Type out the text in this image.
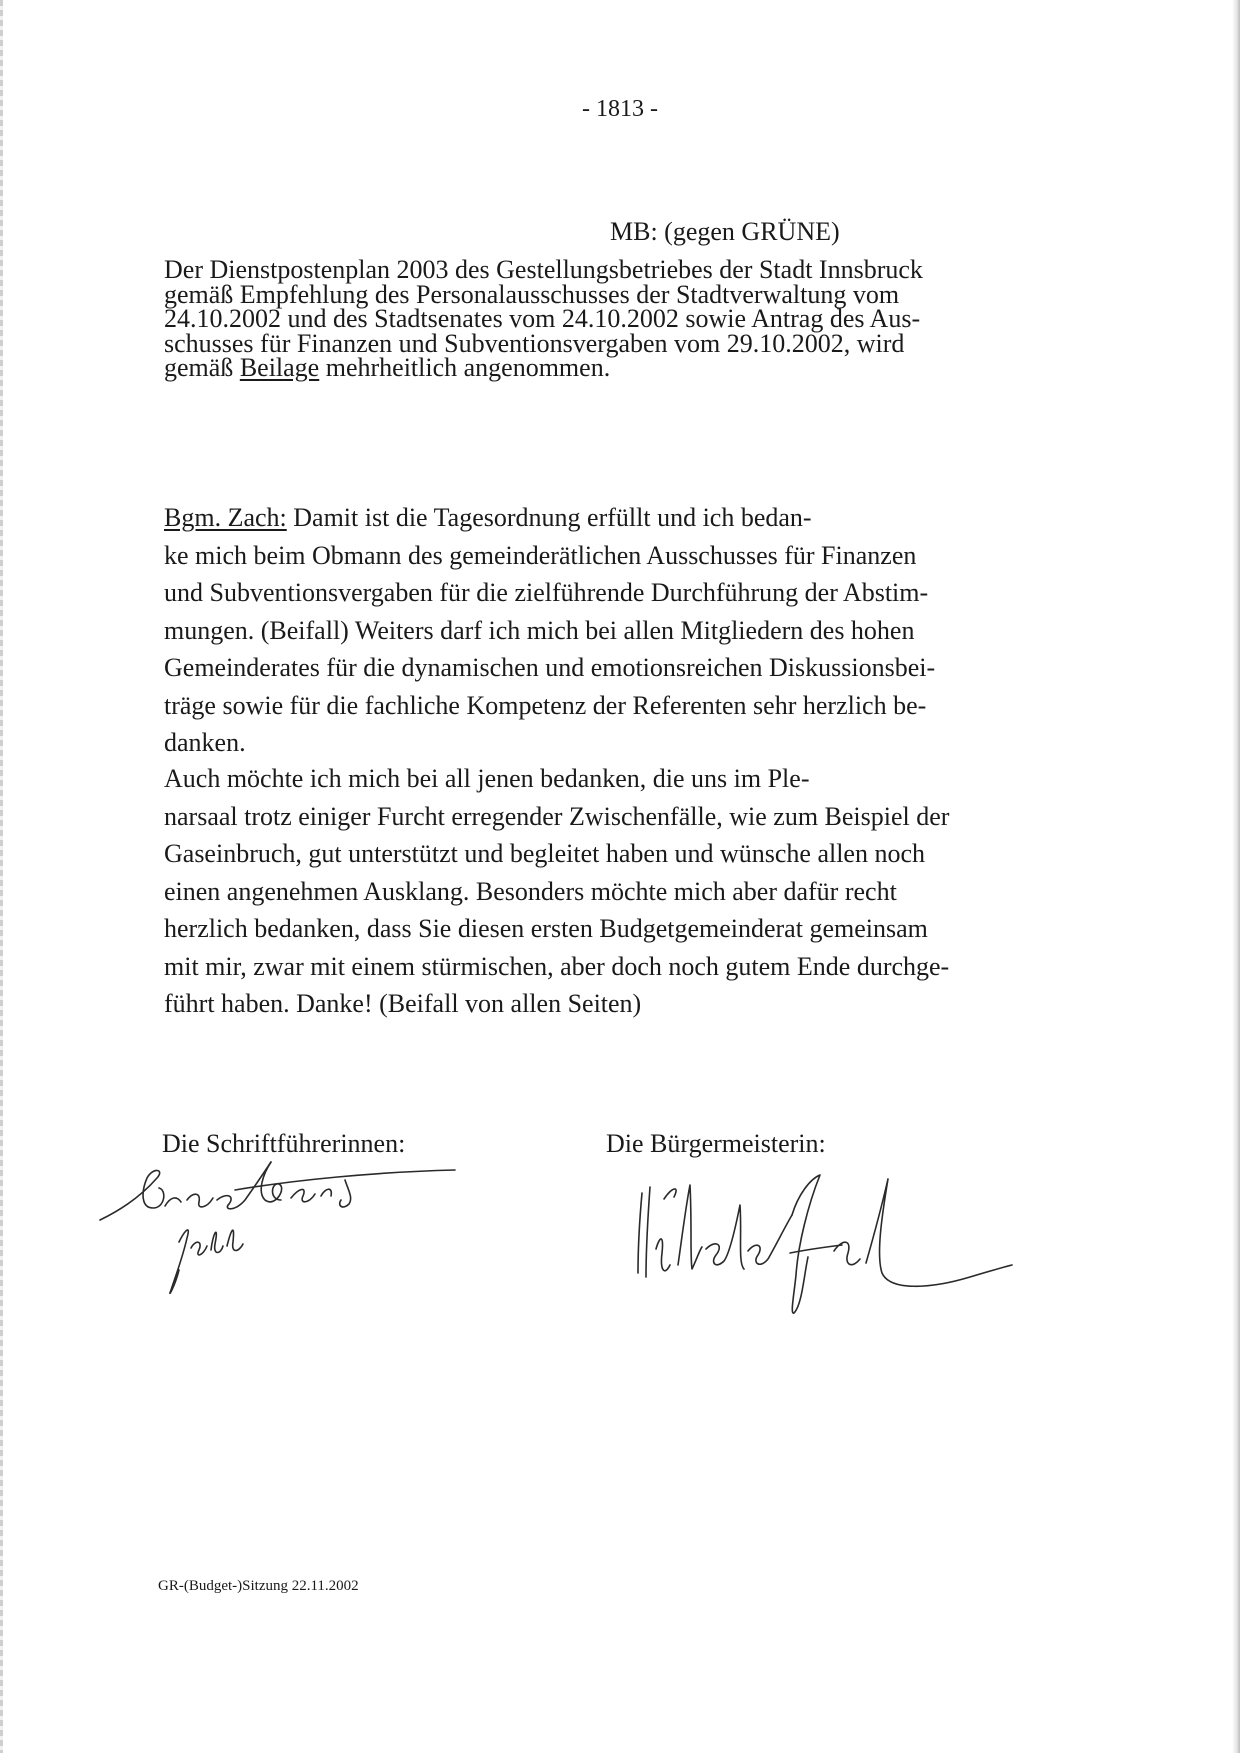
- 1813 -
MB: (gegen GRÜNE)
Der Dienstpostenplan 2003 des Gestellungsbetriebes der Stadt Innsbruck
gemäß Empfehlung des Personalausschusses der Stadtverwaltung vom
24.10.2002 und des Stadtsenates vom 24.10.2002 sowie Antrag des Aus-
schusses für Finanzen und Subventionsvergaben vom 29.10.2002, wird
gemäß Beilage mehrheitlich angenommen.
Bgm. Zach: Damit ist die Tagesordnung erfüllt und ich bedan-
ke mich beim Obmann des gemeinderätlichen Ausschusses für Finanzen
und Subventionsvergaben für die zielführende Durchführung der Abstim-
mungen. (Beifall) Weiters darf ich mich bei allen Mitgliedern des hohen
Gemeinderates für die dynamischen und emotionsreichen Diskussionsbei-
träge sowie für die fachliche Kompetenz der Referenten sehr herzlich be-
danken.
Auch möchte ich mich bei all jenen bedanken, die uns im Ple-
narsaal trotz einiger Furcht erregender Zwischenfälle, wie zum Beispiel der
Gaseinbruch, gut unterstützt und begleitet haben und wünsche allen noch
einen angenehmen Ausklang. Besonders möchte mich aber dafür recht
herzlich bedanken, dass Sie diesen ersten Budgetgemeinderat gemeinsam
mit mir, zwar mit einem stürmischen, aber doch noch gutem Ende durchge-
führt haben. Danke! (Beifall von allen Seiten)
Die Schriftführerinnen:	Die Bürgermeisterin:
GR-(Budget-)Sitzung 22.11.2002
